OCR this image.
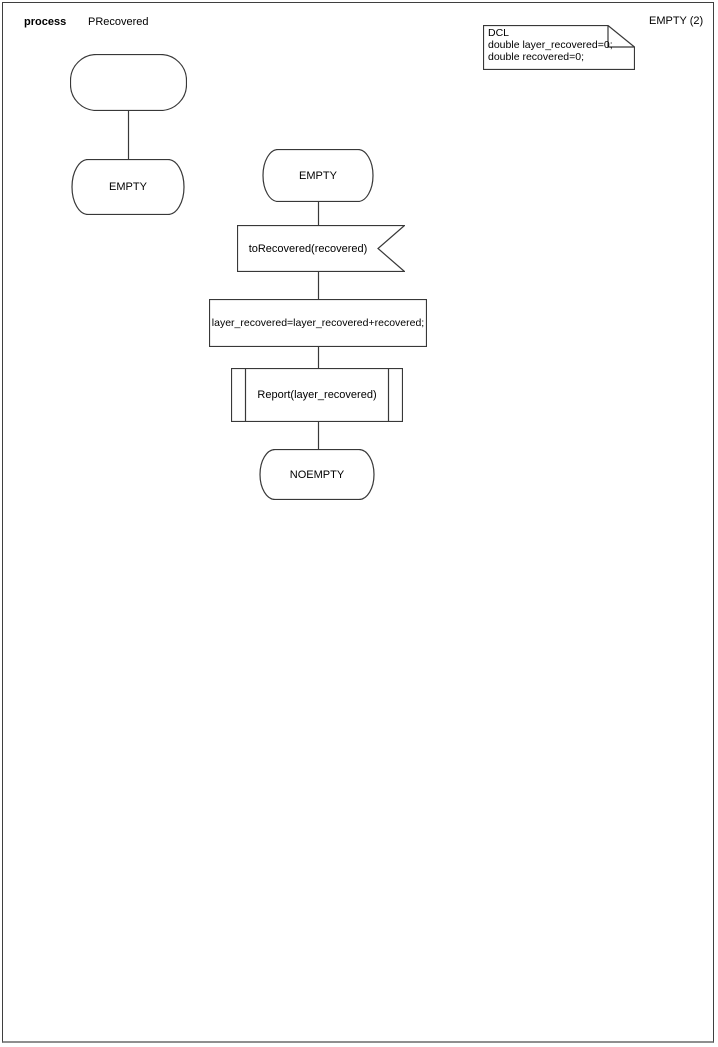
process PRecovered	EMPTY (2)
DCL
double layer_recovered=0;
double recovered=0;
EMPTY
EMPTY
toRecovered(recovered)
layer_recovered=layer_recovered+recovered;
Report(layer_recovered)
NOEMPTY
